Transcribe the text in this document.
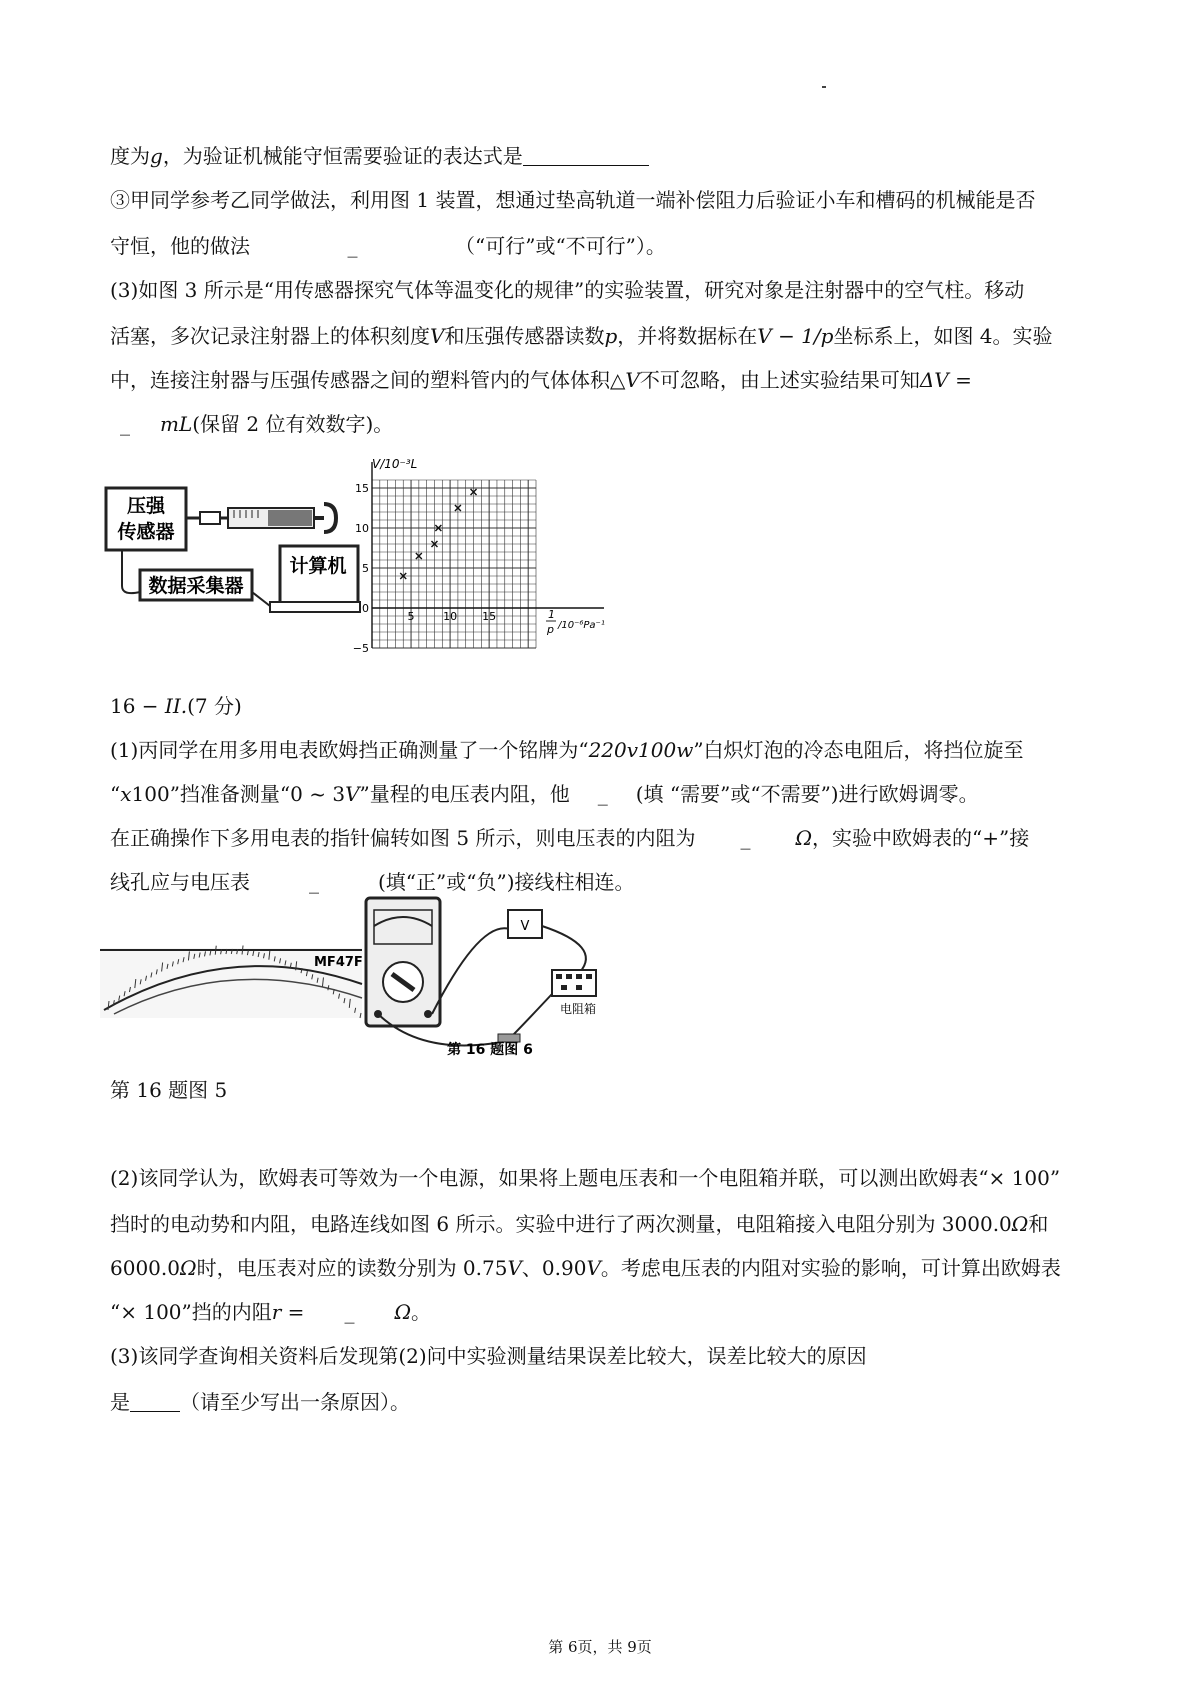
度为g，为验证机械能守恒需要验证的表达式是
③甲同学参考乙同学做法，利用图 1 装置，想通过垫高轨道一端补偿阻力后验证小车和槽码的机械能是否
守恒，他的做法	_	（“可行”或“不可行”）。
(3)如图 3 所示是“用传感器探究气体等温变化的规律”的实验装置，研究对象是注射器中的空气柱。移动
活塞，多次记录注射器上的体积刻度V和压强传感器读数p，并将数据标在V − 1/p坐标系上，如图 4。实验
中，连接注射器与压强传感器之间的塑料管内的气体体积△V不可忽略，由上述实验结果可知ΔV =
_ mL(保留 2 位有效数字)。
压强
传感器
计算机
数据采集器
V/10⁻³L
15
10
5
0
−5
5	10 15	1
p /10⁻⁶Pa⁻¹
16 − II.(7 分)
(1)丙同学在用多用电表欧姆挡正确测量了一个铭牌为“220v100w”白炽灯泡的冷态电阻后，将挡位旋至
“x100”挡准备测量“0 ~ 3V”量程的电压表内阻，他 _ (填 “需要”或“不需要”)进行欧姆调零。
在正确操作下多用电表的指针偏转如图 5 所示，则电压表的内阻为 _ Ω，实验中欧姆表的“+”接
线孔应与电压表	_	(填“正”或“负”)接线柱相连。
MF47F
V
电阻箱
第 16 题图 6
第 16 题图 5
(2)该同学认为，欧姆表可等效为一个电源，如果将上题电压表和一个电阻箱并联，可以测出欧姆表“× 100”
挡时的电动势和内阻，电路连线如图 6 所示。实验中进行了两次测量，电阻箱接入电阻分别为 3000.0Ω和
6000.0Ω时，电压表对应的读数分别为 0.75V、0.90V。考虑电压表的内阻对实验的影响，可计算出欧姆表
“× 100”挡的内阻r = _ Ω。
(3)该同学查询相关资料后发现第(2)问中实验测量结果误差比较大，误差比较大的原因
是	（请至少写出一条原因）。
第 6页，共 9页
